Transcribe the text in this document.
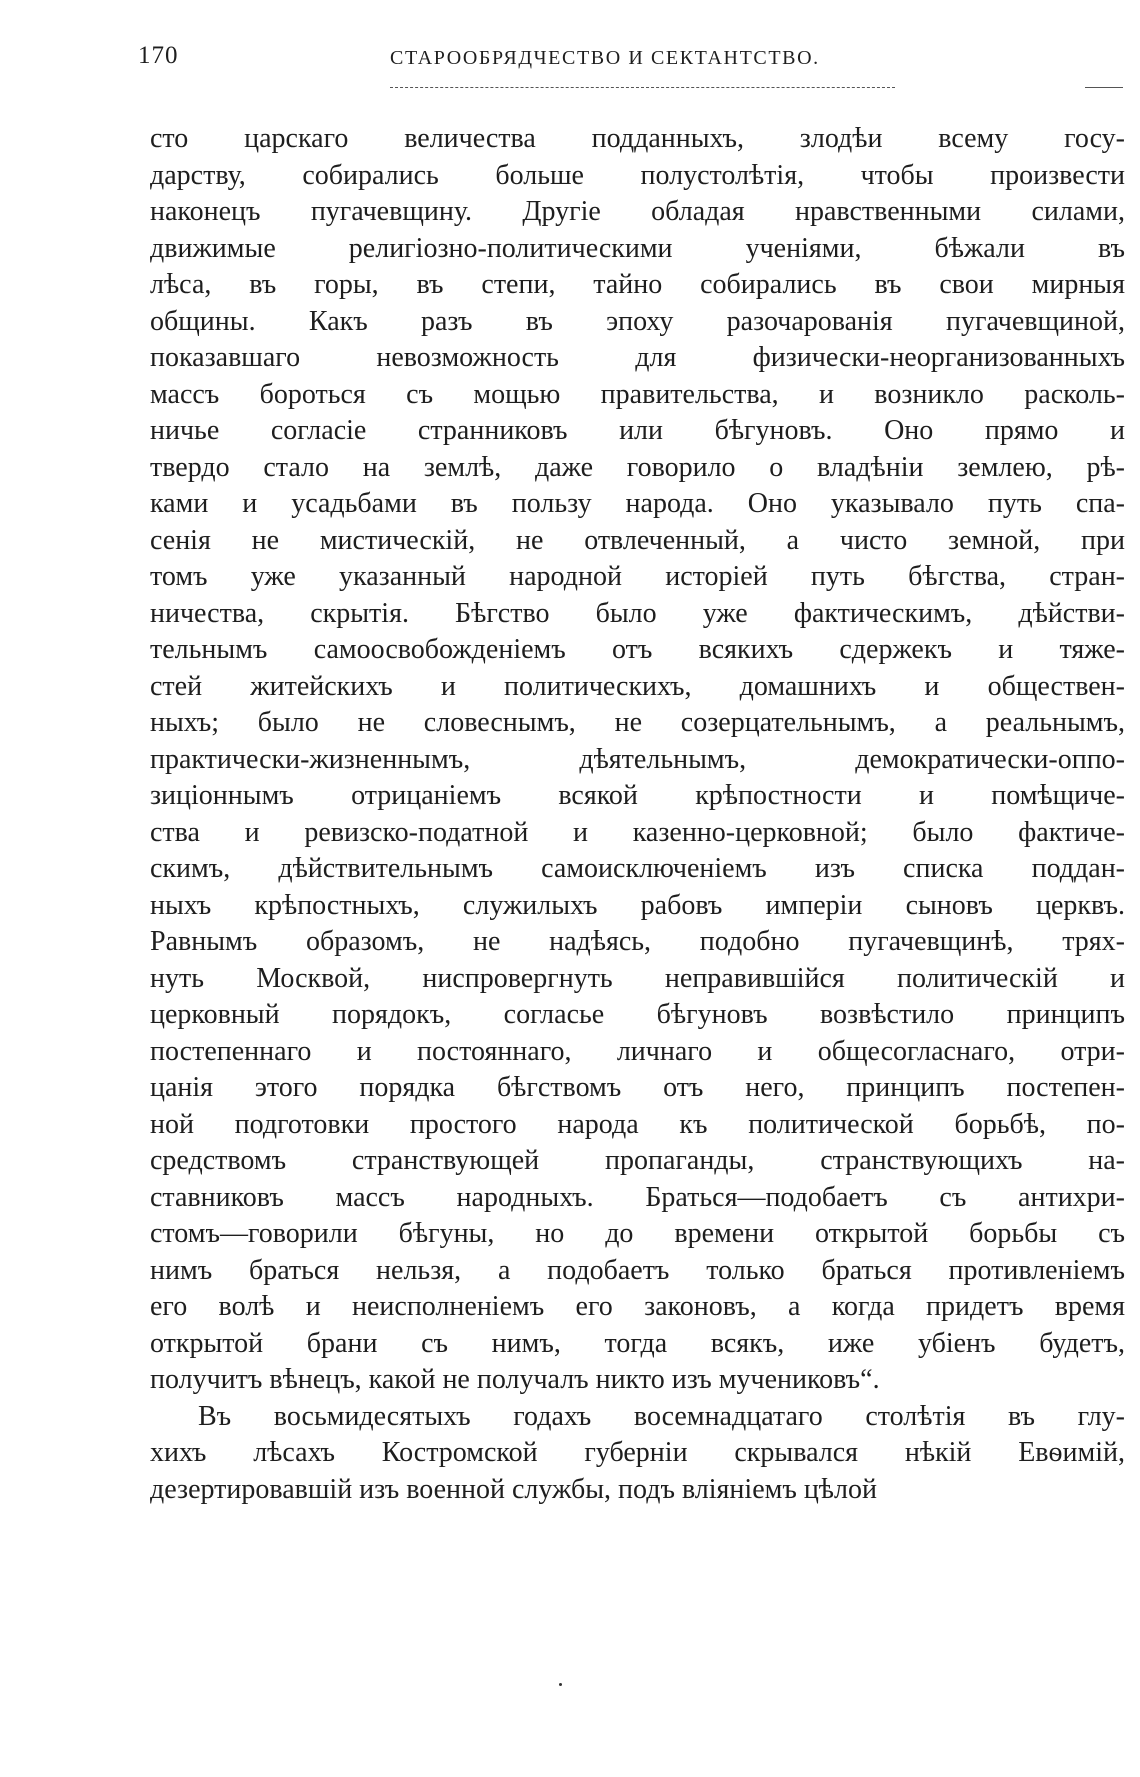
170	СТАРООБРЯДЧЕСТВО И СЕКТАНТСТВО.
сто царскаго величества подданныхъ, злодѣи всему госу-
дарству, собирались больше полустолѣтія, чтобы произвести
наконецъ пугачевщину. Другіе обладая нравственными силами,
движимые религіозно-политическими ученіями, бѣжали въ
лѣса, въ горы, въ степи, тайно собирались въ свои мирныя
общины. Какъ разъ въ эпоху разочарованія пугачевщиной,
показавшаго невозможность для физически-неорганизованныхъ
массъ бороться съ мощью правительства, и возникло расколь-
ничье согласіе странниковъ или бѣгуновъ. Оно прямо и
твердо стало на землѣ, даже говорило о владѣніи землею, рѣ-
ками и усадьбами въ пользу народа. Оно указывало путь спа-
сенія не мистическій, не отвлеченный, а чисто земной, при
томъ уже указанный народной исторіей путь бѣгства, стран-
ничества, скрытія. Бѣгство было уже фактическимъ, дѣйстви-
тельнымъ самоосвобожденіемъ отъ всякихъ сдержекъ и тяже-
стей житейскихъ и политическихъ, домашнихъ и обществен-
ныхъ; было не словеснымъ, не созерцательнымъ, а реальнымъ,
практически-жизненнымъ, дѣятельнымъ, демократически-оппо-
зиціоннымъ отрицаніемъ всякой крѣпостности и помѣщиче-
ства и ревизско-податной и казенно-церковной; было фактиче-
скимъ, дѣйствительнымъ самоисключеніемъ изъ списка поддан-
ныхъ крѣпостныхъ, служилыхъ рабовъ имперіи сыновъ церквъ.
Равнымъ образомъ, не надѣясь, подобно пугачевщинѣ, трях-
нуть Москвой, ниспровергнуть неправившійся политическій и
церковный порядокъ, согласье бѣгуновъ возвѣстило принципъ
постепеннаго и постояннаго, личнаго и общесогласнаго, отри-
цанія этого порядка бѣгствомъ отъ него, принципъ постепен-
ной подготовки простого народа къ политической борьбѣ, по-
средствомъ странствующей пропаганды, странствующихъ на-
ставниковъ массъ народныхъ. Браться—подобаетъ съ антихри-
стомъ—говорили бѣгуны, но до времени открытой борьбы съ
нимъ браться нельзя, а подобаетъ только браться противленіемъ
его волѣ и неисполненіемъ его законовъ, а когда придетъ время
открытой брани съ нимъ, тогда всякъ, иже убіенъ будетъ,
получитъ вѣнецъ, какой не получалъ никто изъ мучениковъ“.
Въ восьмидесятыхъ годахъ восемнадцатаго столѣтія въ глу-
хихъ лѣсахъ Костромской губерніи скрывался нѣкій Евѳимій,
дезертировавшій изъ военной службы, подъ вліяніемъ цѣлой
